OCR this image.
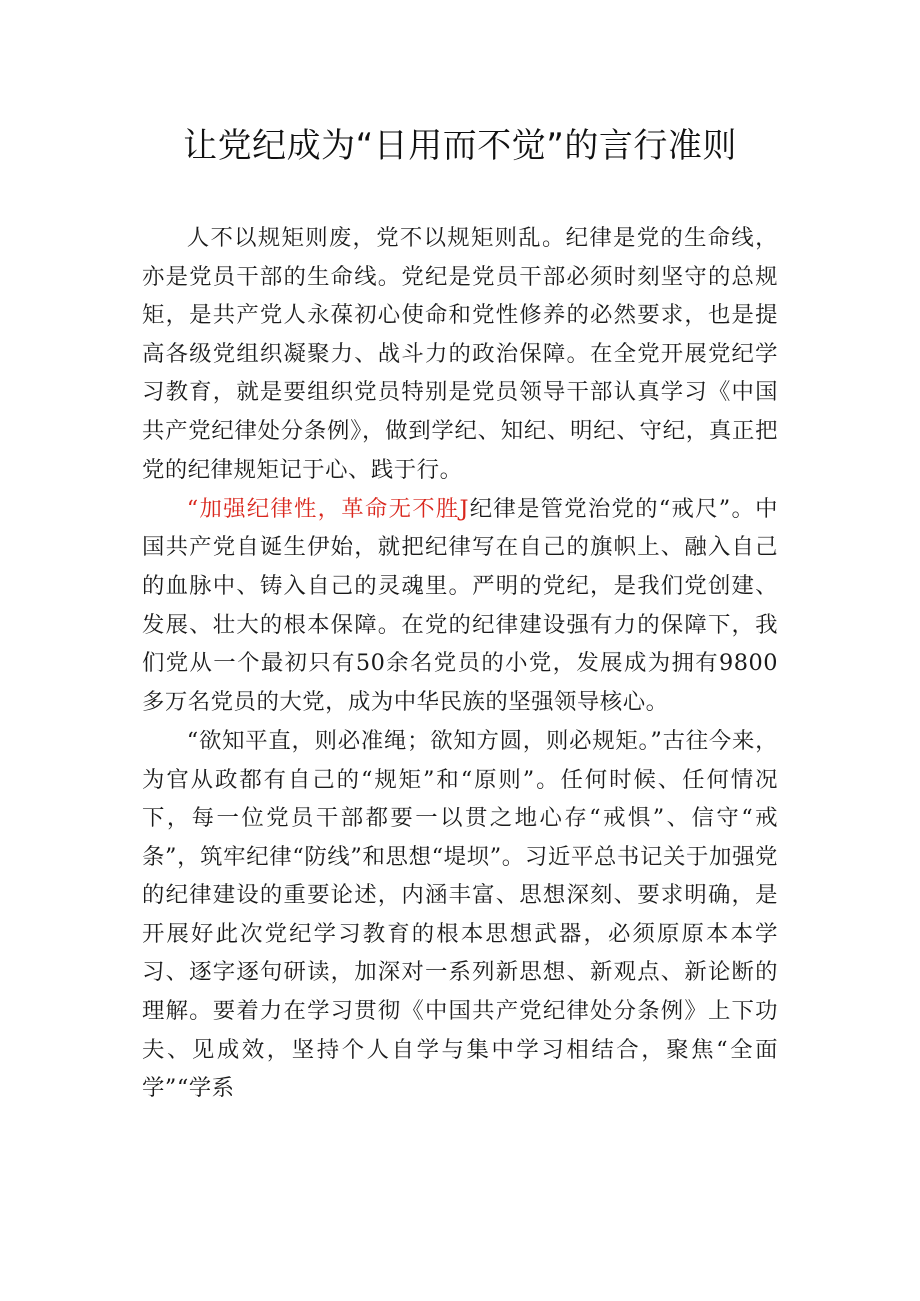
让党纪成为“日用而不觉”的言行准则

人不以规矩则废，党不以规矩则乱。纪律是党的生命线，亦是党员干部的生命线。党纪是党员干部必须时刻坚守的总规矩，是共产党人永葆初心使命和党性修养的必然要求，也是提高各级党组织凝聚力、战斗力的政治保障。在全党开展党纪学习教育，就是要组织党员特别是党员领导干部认真学习《中国共产党纪律处分条例》，做到学纪、知纪、明纪、守纪，真正把党的纪律规矩记于心、践于行。

“加强纪律性，革命无不胜J纪律是管党治党的“戒尺”。中国共产党自诞生伊始，就把纪律写在自己的旗帜上、融入自己的血脉中、铸入自己的灵魂里。严明的党纪，是我们党创建、发展、壮大的根本保障。在党的纪律建设强有力的保障下，我们党从一个最初只有50余名党员的小党，发展成为拥有9800多万名党员的大党，成为中华民族的坚强领导核心。

“欲知平直，则必准绳；欲知方圆，则必规矩。”古往今来，为官从政都有自己的“规矩”和“原则”。任何时候、任何情况下，每一位党员干部都要一以贯之地心存“戒惧”、信守“戒条”，筑牢纪律“防线”和思想“堤坝”。习近平总书记关于加强党的纪律建设的重要论述，内涵丰富、思想深刻、要求明确，是开展好此次党纪学习教育的根本思想武器，必须原原本本学习、逐字逐句研读，加深对一系列新思想、新观点、新论断的理解。要着力在学习贯彻《中国共产党纪律处分条例》上下功夫、见成效，坚持个人自学与集中学习相结合，聚焦“全面学”“学系
